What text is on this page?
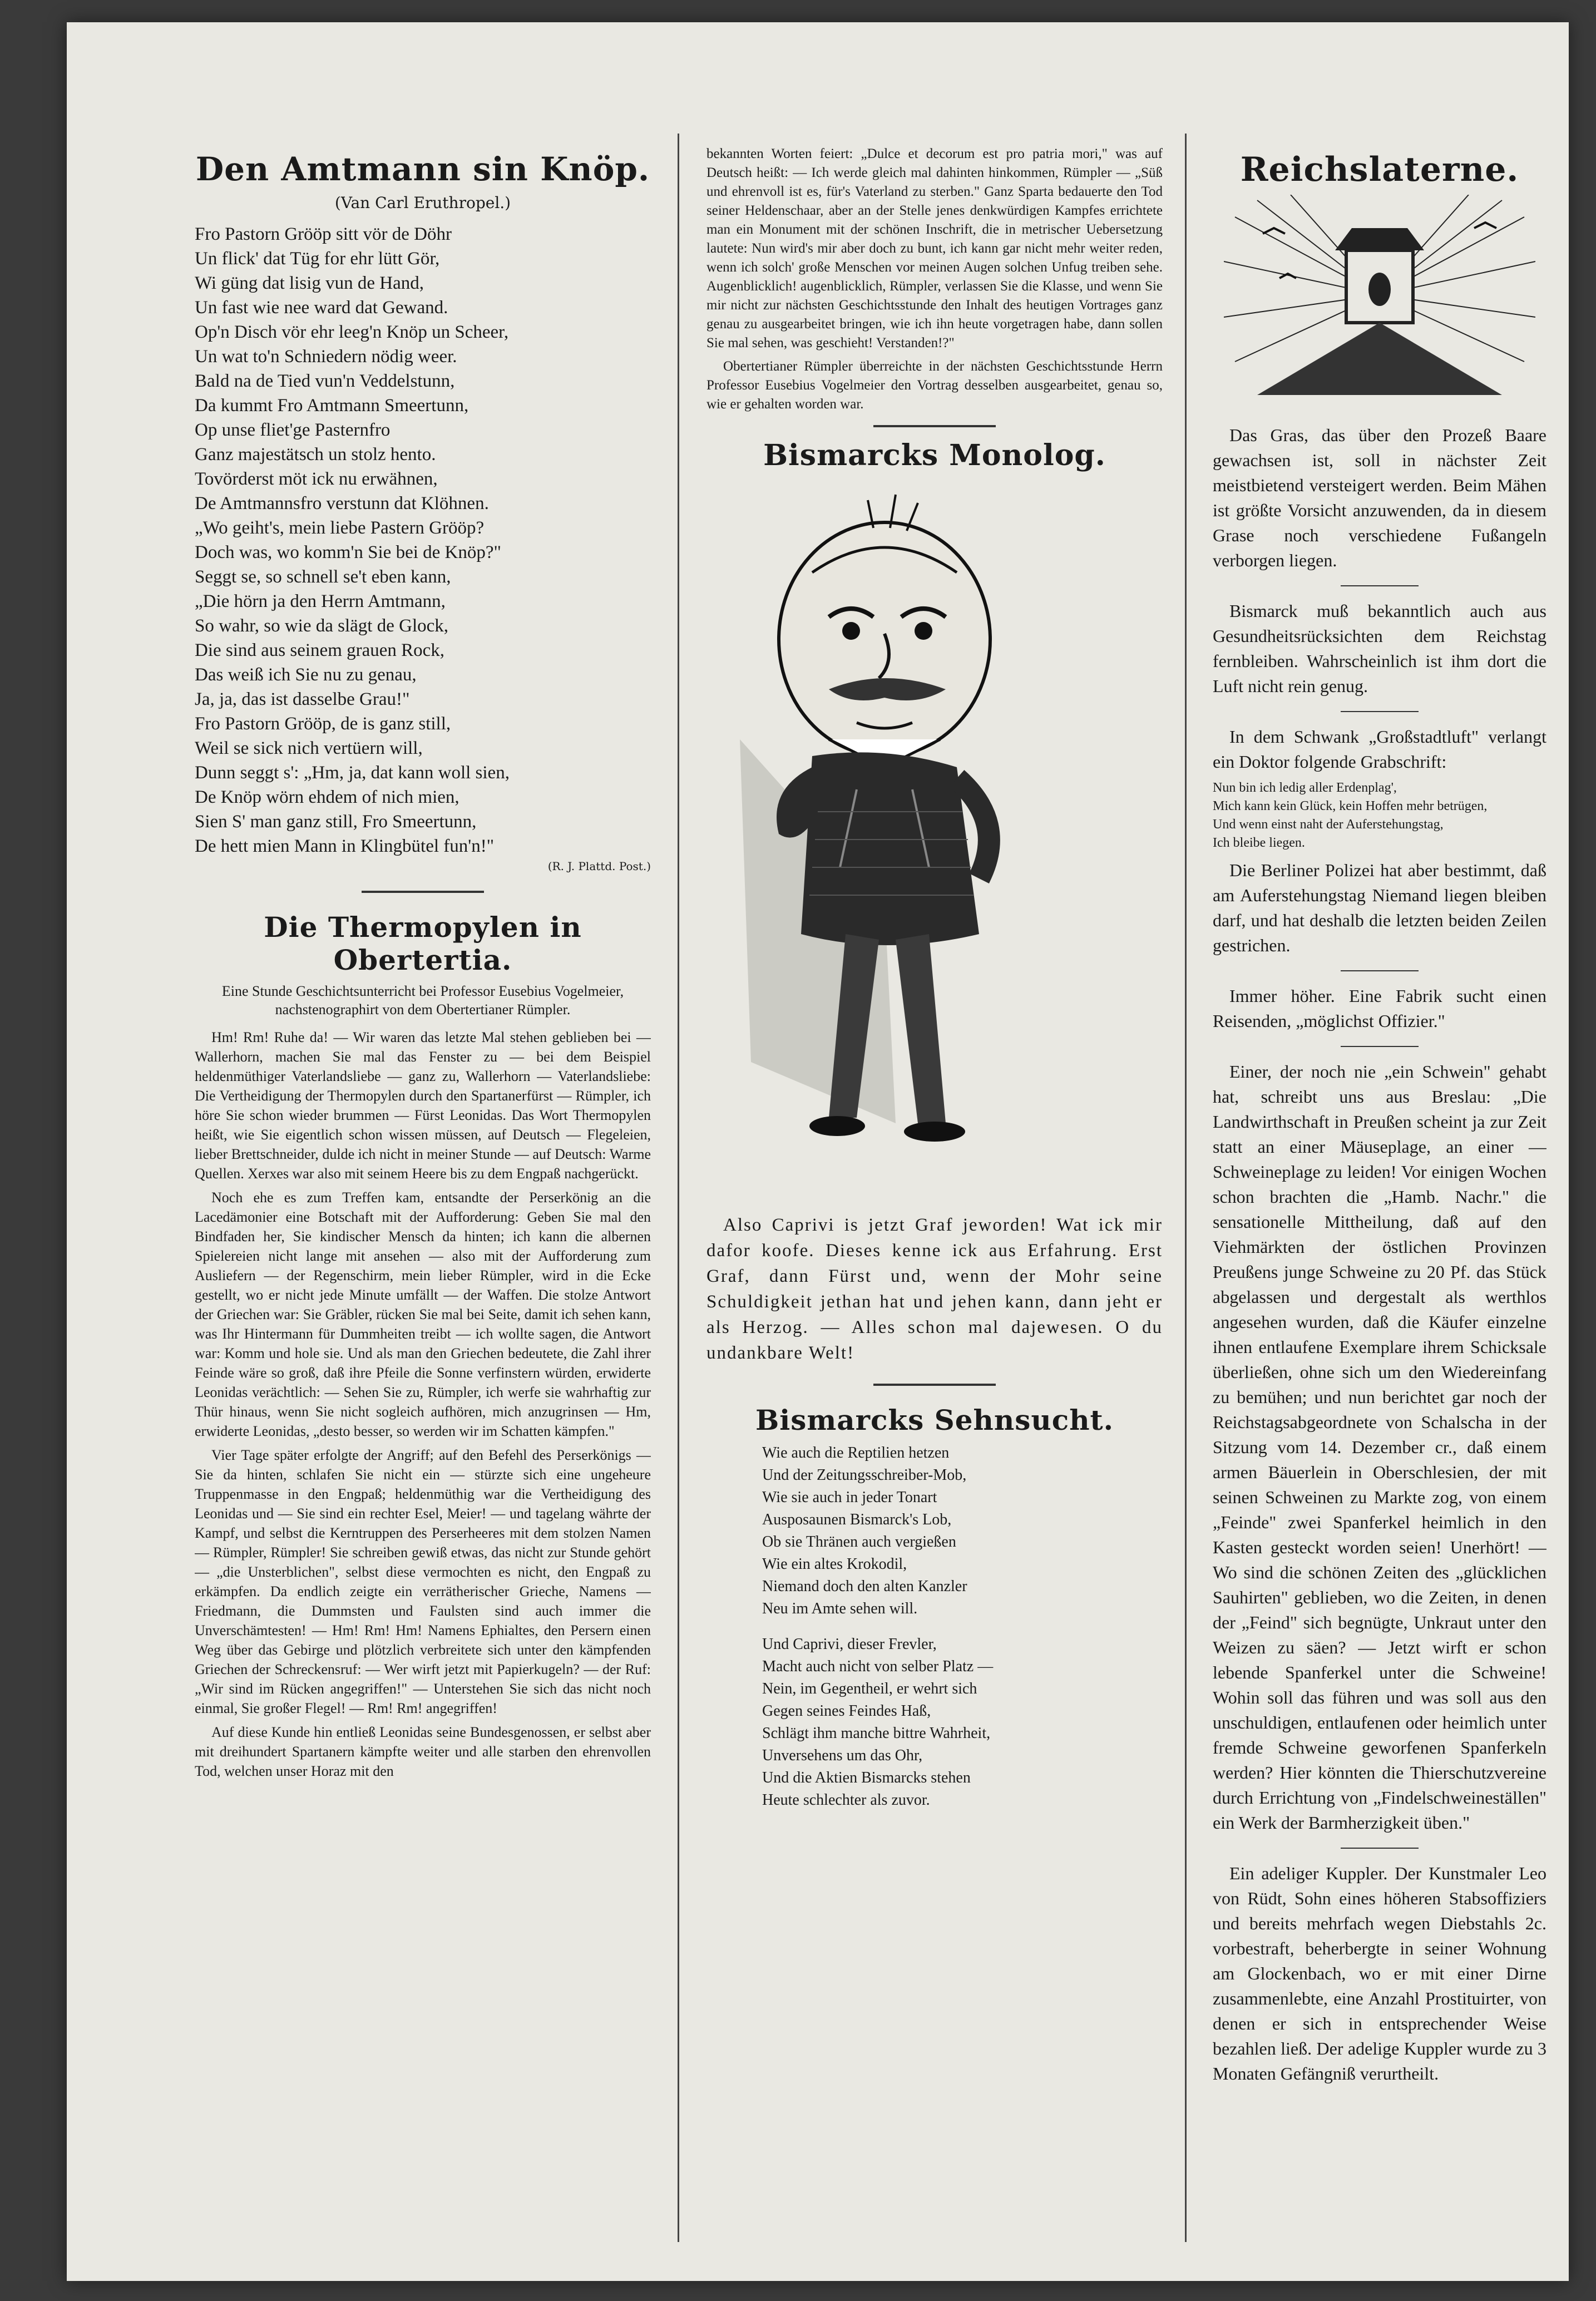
Den Amtmann sin Knöp.
(Van Carl Eruthropel.)
Fro Pastorn Grööp sitt vör de Döhr
Un flick' dat Tüg for ehr lütt Gör,
Wi güng dat lisig vun de Hand,
Un fast wie nee ward dat Gewand.
Op'n Disch vör ehr leeg'n Knöp un Scheer,
Un wat to'n Schniedern nödig weer.
Bald na de Tied vun'n Veddelstunn,
Da kummt Fro Amtmann Smeertunn,
Op unse fliet'ge Pasternfro
Ganz majestätsch un stolz hento.
Tovörderst möt ick nu erwähnen,
De Amtmannsfro verstunn dat Klöhnen.
„Wo geiht's, mein liebe Pastern Grööp?
Doch was, wo komm'n Sie bei de Knöp?"
Seggt se, so schnell se't eben kann,
„Die hörn ja den Herrn Amtmann,
So wahr, so wie da slägt de Glock,
Die sind aus seinem grauen Rock,
Das weiß ich Sie nu zu genau,
Ja, ja, das ist dasselbe Grau!"
Fro Pastorn Grööp, de is ganz still,
Weil se sick nich vertüern will,
Dunn seggt s': „Hm, ja, dat kann woll sien,
De Knöp wörn ehdem of nich mien,
Sien S' man ganz still, Fro Smeertunn,
De hett mien Mann in Klingbütel fun'n!"
(R. J. Plattd. Post.)
Die Thermopylen in Obertertia.

Eine Stunde Geschichtsunterricht bei Professor Eusebius Vogelmeier, nachstenographirt von dem Obertertianer Rümpler.

Hm! Rm! Ruhe da! — Wir waren das letzte Mal stehen geblieben bei — Wallerhorn, machen Sie mal das Fenster zu — bei dem Beispiel heldenmüthiger Vaterlandsliebe — ganz zu, Wallerhorn — Vaterlandsliebe: Die Vertheidigung der Thermopylen durch den Spartanerfürst — Rümpler, ich höre Sie schon wieder brummen — Fürst Leonidas. Das Wort Thermopylen heißt, wie Sie eigentlich schon wissen müssen, auf Deutsch — Flegeleien, lieber Brettschneider, dulde ich nicht in meiner Stunde — auf Deutsch: Warme Quellen. Xerxes war also mit seinem Heere bis zu dem Engpaß nachgerückt.

Noch ehe es zum Treffen kam, entsandte der Perserkönig an die Lacedämonier eine Botschaft mit der Aufforderung: Geben Sie mal den Bindfaden her, Sie kindischer Mensch da hinten; ich kann die albernen Spielereien nicht lange mit ansehen — also mit der Aufforderung zum Ausliefern — der Regenschirm, mein lieber Rümpler, wird in die Ecke gestellt, wo er nicht jede Minute umfällt — der Waffen. Die stolze Antwort der Griechen war: Sie Gräbler, rücken Sie mal bei Seite, damit ich sehen kann, was Ihr Hintermann für Dummheiten treibt — ich wollte sagen, die Antwort war: Komm und hole sie. Und als man den Griechen bedeutete, die Zahl ihrer Feinde wäre so groß, daß ihre Pfeile die Sonne verfinstern würden, erwiderte Leonidas verächtlich: — Sehen Sie zu, Rümpler, ich werfe sie wahrhaftig zur Thür hinaus, wenn Sie nicht sogleich aufhören, mich anzugrinsen — Hm, erwiderte Leonidas, „desto besser, so werden wir im Schatten kämpfen."

Vier Tage später erfolgte der Angriff; auf den Befehl des Perserkönigs — Sie da hinten, schlafen Sie nicht ein — stürzte sich eine ungeheure Truppenmasse in den Engpaß; heldenmüthig war die Vertheidigung des Leonidas und — Sie sind ein rechter Esel, Meier! — und tagelang währte der Kampf, und selbst die Kerntruppen des Perserheeres mit dem stolzen Namen — Rümpler, Rümpler! Sie schreiben gewiß etwas, das nicht zur Stunde gehört — „die Unsterblichen", selbst diese vermochten es nicht, den Engpaß zu erkämpfen. Da endlich zeigte ein verrätherischer Grieche, Namens — Friedmann, die Dummsten und Faulsten sind auch immer die Unverschämtesten! — Hm! Rm! Hm! Namens Ephialtes, den Persern einen Weg über das Gebirge und plötzlich verbreitete sich unter den kämpfenden Griechen der Schreckensruf: — Wer wirft jetzt mit Papierkugeln? — der Ruf: „Wir sind im Rücken angegriffen!" — Unterstehen Sie sich das nicht noch einmal, Sie großer Flegel! — Rm! Rm! angegriffen!

Auf diese Kunde hin entließ Leonidas seine Bundesgenossen, er selbst aber mit dreihundert Spartanern kämpfte weiter und alle starben den ehrenvollen Tod, welchen unser Horaz mit den

bekannten Worten feiert: „Dulce et decorum est pro patria mori," was auf Deutsch heißt: — Ich werde gleich mal dahinten hinkommen, Rümpler — „Süß und ehrenvoll ist es, für's Vaterland zu sterben." Ganz Sparta bedauerte den Tod seiner Heldenschaar, aber an der Stelle jenes denkwürdigen Kampfes errichtete man ein Monument mit der schönen Inschrift, die in metrischer Uebersetzung lautete: Nun wird's mir aber doch zu bunt, ich kann gar nicht mehr weiter reden, wenn ich solch' große Menschen vor meinen Augen solchen Unfug treiben sehe. Augenblicklich! augenblicklich, Rümpler, verlassen Sie die Klasse, und wenn Sie mir nicht zur nächsten Geschichtsstunde den Inhalt des heutigen Vortrages ganz genau zu ausgearbeitet bringen, wie ich ihn heute vorgetragen habe, dann sollen Sie mal sehen, was geschieht! Verstanden!?"

Obertertianer Rümpler überreichte in der nächsten Geschichtsstunde Herrn Professor Eusebius Vogelmeier den Vortrag desselben ausgearbeitet, genau so, wie er gehalten worden war.

Bismarcks Monolog.

Also Caprivi is jetzt Graf jeworden! Wat ick mir dafor koofe. Dieses kenne ick aus Erfahrung. Erst Graf, dann Fürst und, wenn der Mohr seine Schuldigkeit jethan hat und jehen kann, dann jeht er als Herzog. — Alles schon mal dajewesen. O du undankbare Welt!

Bismarcks Sehnsucht.
Wie auch die Reptilien hetzen
Und der Zeitungsschreiber-Mob,
Wie sie auch in jeder Tonart
Ausposaunen Bismarck's Lob,
Ob sie Thränen auch vergießen
Wie ein altes Krokodil,
Niemand doch den alten Kanzler
Neu im Amte sehen will.
Und Caprivi, dieser Frevler,
Macht auch nicht von selber Platz —
Nein, im Gegentheil, er wehrt sich
Gegen seines Feindes Haß,
Schlägt ihm manche bittre Wahrheit,
Unversehens um das Ohr,
Und die Aktien Bismarcks stehen
Heute schlechter als zuvor.
Reichslaterne.

Das Gras, das über den Prozeß Baare gewachsen ist, soll in nächster Zeit meistbietend versteigert werden. Beim Mähen ist größte Vorsicht anzuwenden, da in diesem Grase noch verschiedene Fußangeln verborgen liegen.

Bismarck muß bekanntlich auch aus Gesundheitsrücksichten dem Reichstag fernbleiben. Wahrscheinlich ist ihm dort die Luft nicht rein genug.

In dem Schwank „Großstadtluft" verlangt ein Doktor folgende Grabschrift:

Nun bin ich ledig aller Erdenplag',
Mich kann kein Glück, kein Hoffen mehr betrügen,
Und wenn einst naht der Auferstehungstag,
Ich bleibe liegen.

Die Berliner Polizei hat aber bestimmt, daß am Auferstehungstag Niemand liegen bleiben darf, und hat deshalb die letzten beiden Zeilen gestrichen.

Immer höher. Eine Fabrik sucht einen Reisenden, „möglichst Offizier."

Einer, der noch nie „ein Schwein" gehabt hat, schreibt uns aus Breslau: „Die Landwirthschaft in Preußen scheint ja zur Zeit statt an einer Mäuseplage, an einer — Schweineplage zu leiden! Vor einigen Wochen schon brachten die „Hamb. Nachr." die sensationelle Mittheilung, daß auf den Viehmärkten der östlichen Provinzen Preußens junge Schweine zu 20 Pf. das Stück abgelassen und dergestalt als werthlos angesehen wurden, daß die Käufer einzelne ihnen entlaufene Exemplare ihrem Schicksale überließen, ohne sich um den Wiedereinfang zu bemühen; und nun berichtet gar noch der Reichstagsabgeordnete von Schalscha in der Sitzung vom 14. Dezember cr., daß einem armen Bäuerlein in Oberschlesien, der mit seinen Schweinen zu Markte zog, von einem „Feinde" zwei Spanferkel heimlich in den Kasten gesteckt worden seien! Unerhört! — Wo sind die schönen Zeiten des „glücklichen Sauhirten" geblieben, wo die Zeiten, in denen der „Feind" sich begnügte, Unkraut unter den Weizen zu säen? — Jetzt wirft er schon lebende Spanferkel unter die Schweine! Wohin soll das führen und was soll aus den unschuldigen, entlaufenen oder heimlich unter fremde Schweine geworfenen Spanferkeln werden? Hier könnten die Thierschutzvereine durch Errichtung von „Findelschweineställen" ein Werk der Barmherzigkeit üben."

Ein adeliger Kuppler. Der Kunstmaler Leo von Rüdt, Sohn eines höheren Stabsoffiziers und bereits mehrfach wegen Diebstahls 2c. vorbestraft, beherbergte in seiner Wohnung am Glockenbach, wo er mit einer Dirne zusammenlebte, eine Anzahl Prostituirter, von denen er sich in entsprechender Weise bezahlen ließ. Der adelige Kuppler wurde zu 3 Monaten Gefängniß verurtheilt.
